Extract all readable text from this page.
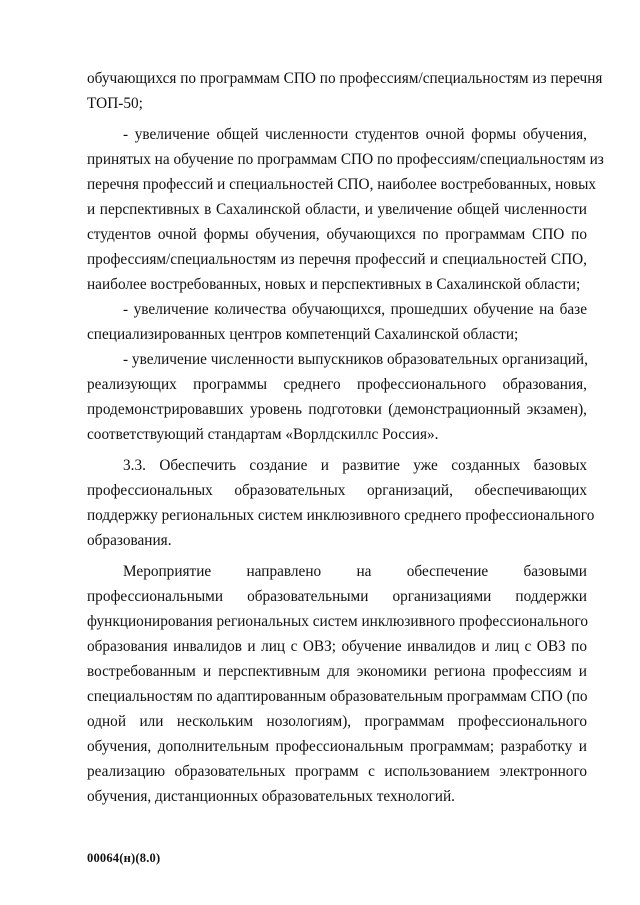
обучающихся по программам СПО по профессиям/специальностям из перечня
ТОП-50;
- увеличение общей численности студентов очной формы обучения,
принятых на обучение по программам СПО по профессиям/специальностям из
перечня профессий и специальностей СПО, наиболее востребованных, новых
и перспективных в Сахалинской области, и увеличение общей численности
студентов очной формы обучения, обучающихся по программам СПО по
профессиям/специальностям из перечня профессий и специальностей СПО,
наиболее востребованных, новых и перспективных в Сахалинской области;
- увеличение количества обучающихся, прошедших обучение на базе
специализированных центров компетенций Сахалинской области;
- увеличение численности выпускников образовательных организаций,
реализующих программы среднего профессионального образования,
продемонстрировавших уровень подготовки (демонстрационный экзамен),
соответствующий стандартам «Ворлдскиллс Россия».
3.3. Обеспечить создание и развитие уже созданных базовых
профессиональных образовательных организаций, обеспечивающих
поддержку региональных систем инклюзивного среднего профессионального
образования.
Мероприятие направлено на обеспечение базовыми
профессиональными образовательными организациями поддержки
функционирования региональных систем инклюзивного профессионального
образования инвалидов и лиц с ОВЗ; обучение инвалидов и лиц с ОВЗ по
востребованным и перспективным для экономики региона профессиям и
специальностям по адаптированным образовательным программам СПО (по
одной или нескольким нозологиям), программам профессионального
обучения, дополнительным профессиональным программам; разработку и
реализацию образовательных программ с использованием электронного
обучения, дистанционных образовательных технологий.
00064(н)(8.0)
